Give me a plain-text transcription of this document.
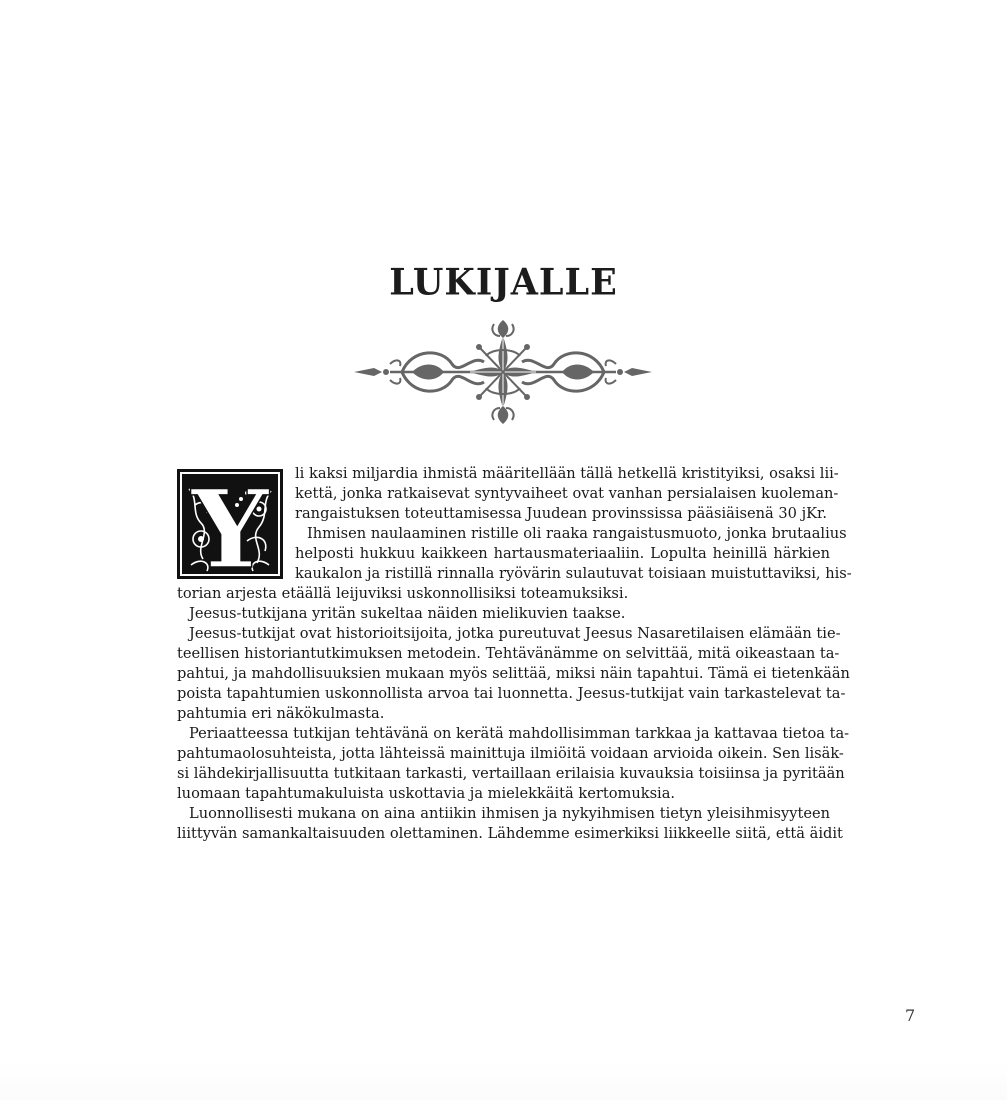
LUKIJALLE
Y li kaksi miljardia ihmistä määritellään tällä hetkellä kristityiksi, osaksi lii-
kettä, jonka ratkaisevat syntyvaiheet ovat vanhan persialaisen kuoleman-
rangaistuksen toteuttamisessa Juudean provinssissa pääsiäisenä 30 jKr.
Ihmisen naulaaminen ristille oli raaka rangaistusmuoto, jonka brutaalius
helposti hukkuu kaikkeen hartausmateriaaliin. Lopulta heinillä härkien
kaukalon ja ristillä rinnalla ryövärin sulautuvat toisiaan muistuttaviksi, his-
torian arjesta etäällä leijuviksi uskonnollisiksi toteamuksiksi.
Jeesus-tutkijana yritän sukeltaa näiden mielikuvien taakse.
Jeesus-tutkijat ovat historioitsijoita, jotka pureutuvat Jeesus Nasaretilaisen elämään tie-
teellisen historiantutkimuksen metodein. Tehtävänämme on selvittää, mitä oikeastaan ta-
pahtui, ja mahdollisuuksien mukaan myös selittää, miksi näin tapahtui. Tämä ei tietenkään
poista tapahtumien uskonnollista arvoa tai luonnetta. Jeesus-tutkijat vain tarkastelevat ta-
pahtumia eri näkökulmasta.
Periaatteessa tutkijan tehtävänä on kerätä mahdollisimman tarkkaa ja kattavaa tietoa ta-
pahtumaolosuhteista, jotta lähteissä mainittuja ilmiöitä voidaan arvioida oikein. Sen lisäk-
si lähdekirjallisuutta tutkitaan tarkasti, vertaillaan erilaisia kuvauksia toisiinsa ja pyritään
luomaan tapahtumakuluista uskottavia ja mielekkäitä kertomuksia.
Luonnollisesti mukana on aina antiikin ihmisen ja nykyihmisen tietyn yleisihmisyyteen
liittyvän samankaltaisuuden olettaminen. Lähdemme esimerkiksi liikkeelle siitä, että äidit
7
